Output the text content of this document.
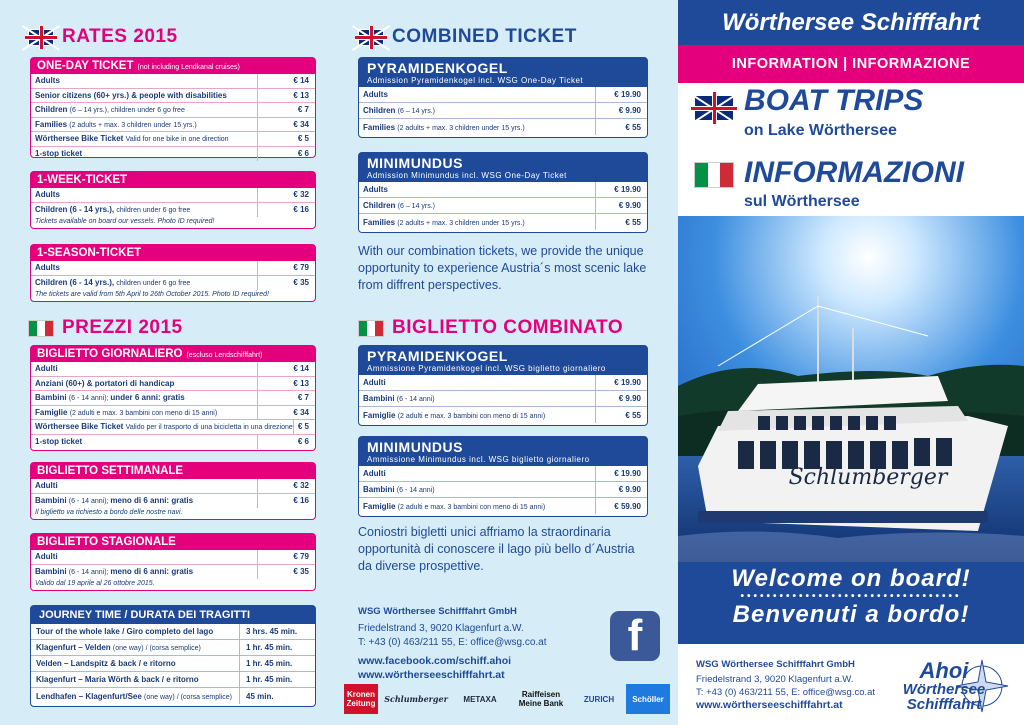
RATES 2015
ONE-DAY TICKET (not including Lendkanal cruises)
Adults	€ 14
Senior citizens (60+ yrs.) & people with disabilities	€ 13
Children (6 – 14 yrs.), children under 6 go free	€ 7
Families (2 adults + max. 3 children under 15 yrs.)	€ 34
Wörthersee Bike Ticket Valid for one bike in one direction	€ 5
1-stop ticket	€ 6
1-WEEK-TICKET
Adults	€ 32
Children (6 - 14 yrs.), children under 6 go free	€ 16
Tickets available on board our vessels. Photo ID required!
1-SEASON-TICKET
Adults	€ 79
Children (6 - 14 yrs.), children under 6 go free	€ 35
The tickets are valid from 5th April to 26th October 2015. Photo ID required!
PREZZI 2015
BIGLIETTO GIORNALIERO (escluso Lendschifffahrt)
Adulti	€ 14
Anziani (60+) & portatori di handicap	€ 13
Bambini (6 - 14 anni); under 6 anni: gratis	€ 7
Famiglie (2 adulti e max. 3 bambini con meno di 15 anni)	€ 34
Wörthersee Bike Ticket Valido per il trasporto di una bicicletta in una direzione € 5
1-stop ticket	€ 6
BIGLIETTO SETTIMANALE
Adulti	€ 32
Bambini (6 - 14 anni); meno di 6 anni: gratis	€ 16
Il biglietto va richiesto a bordo delle nostre navi.
BIGLIETTO STAGIONALE
Adulti	€ 79
Bambini (6 - 14 anni); meno di 6 anni: gratis	€ 35
Valido dal 19 aprile al 26 ottobre 2015.
JOURNEY TIME / DURATA DEI TRAGITTI
Tour of the whole lake / Giro completo del lago	3 hrs. 45 min.
Klagenfurt – Velden (one way) / (corsa semplice)	1 hr. 45 min.
Velden – Landspitz & back / e ritorno	1 hr. 45 min.
Klagenfurt – Maria Wörth & back / e ritorno	1 hr. 45 min.
Lendhafen – Klagenfurt/See (one way) / (corsa semplice)	45 min.
COMBINED TICKET
PYRAMIDENKOGEL
Admission Pyramidenkogel incl. WSG One-Day Ticket
Adults	€ 19.90
Children (6 – 14 yrs.)	€ 9.90
Families (2 adults + max. 3 children under 15 yrs.)	€ 55
MINIMUNDUS
Admission Minimundus incl. WSG One-Day Ticket
Adults	€ 19.90
Children (6 – 14 yrs.)	€ 9.90
Families (2 adults + max. 3 children under 15 yrs.)	€ 55
With our combination tickets, we provide the unique opportunity to experience Austria´s most scenic lake from diffrent perspectives.
BIGLIETTO COMBINATO
PYRAMIDENKOGEL
Ammissione Pyramidenkogel incl. WSG biglietto giornaliero
Adulti	€ 19.90
Bambini (6 - 14 anni)	€ 9.90
Famiglie (2 adulti e max. 3 bambini con meno di 15 anni)	€ 55
MINIMUNDUS
Ammissione Minimundus incl. WSG biglietto giornaliero
Adulti	€ 19.90
Bambini (6 - 14 anni)	€ 9.90
Famiglie (2 adulti e max. 3 bambini con meno di 15 anni)	€ 59.90
Coniostri bigletti unici affriamo la straordinaria opportunità di conoscere il lago più bello d´Austria da diverse prospettive.
WSG Wörthersee Schifffahrt GmbH
Friedelstrand 3, 9020 Klagenfurt a.W.
T: +43 (0) 463/211 55, E: office@wsg.co.at
www.facebook.com/schiff.ahoi
www.wörtherseeschifffahrt.at
f
Kronen Zeitung	Schlumberger	METAXA	Raiffeisen Meine Bank	ZURICH	Schöller
Wörthersee Schifffahrt
INFORMATION | INFORMAZIONE
BOAT TRIPS
on Lake Wörthersee
INFORMAZIONI
sul Wörthersee
Schlumberger
Welcome on board!
••••••••••••••••••••••••••••••••••
Benvenuti a bordo!
WSG Wörthersee Schifffahrt GmbH
Friedelstrand 3, 9020 Klagenfurt a.W.
T: +43 (0) 463/211 55, E: office@wsg.co.at
www.wörtherseeschifffahrt.at
Ahoi
Wörthersee
Schifffahrt
